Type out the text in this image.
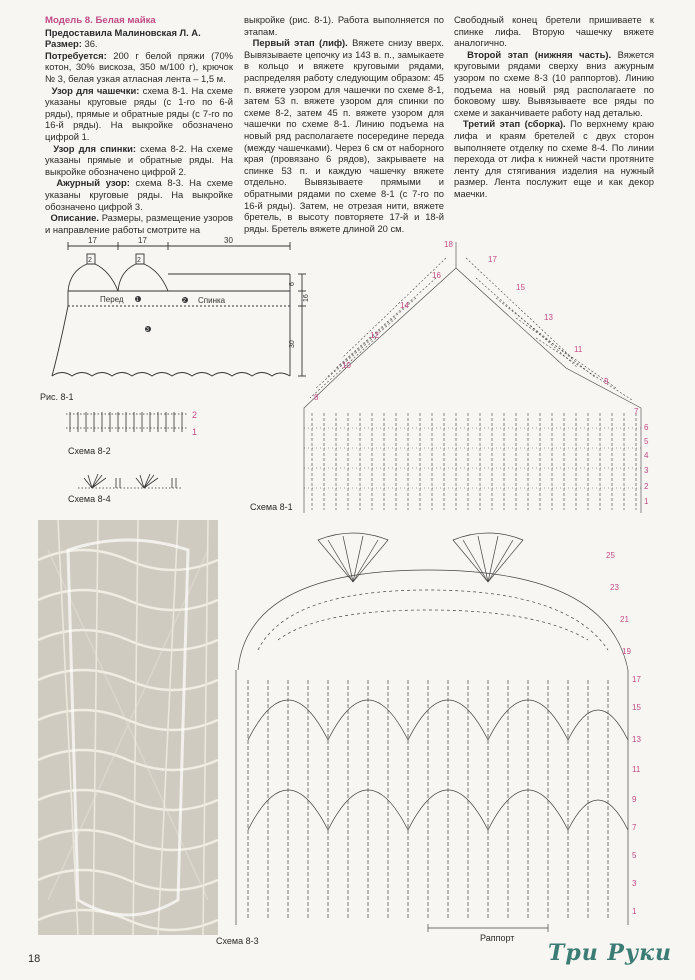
Модель 8. Белая майка

Предоставила Малиновская Л. А.

Размер: 36.

Потребуется: 200 г белой пряжи (70% котон, 30% вискоза, 350 м/100 г), крючок № 3, белая узкая атласная лента – 1,5 м.

Узор для чашечки: схема 8-1. На схеме указаны круговые ряды (с 1-го по 6-й ряды), прямые и обратные ряды (с 7-го по 16-й ряды). На выкройке обозначено цифрой 1.

Узор для спинки: схема 8-2. На схеме указаны прямые и обратные ряды. На выкройке обозначено цифрой 2.

Ажурный узор: схема 8-3. На схеме указаны круговые ряды. На выкройке обозначено цифрой 3.

Описание. Размеры, размещение узоров и направление работы смотрите на

выкройке (рис. 8-1). Работа выполняется по этапам.

Первый этап (лиф). Вяжете снизу вверх. Вывязываете цепочку из 143 в. п., замыкаете в кольцо и вяжете круговыми рядами, распределяя работу следующим образом: 45 п. вяжете узором для чашечки по схеме 8-1, затем 53 п. вяжете узором для спинки по схеме 8-2, затем 45 п. вяжете узором для чашечки по схеме 8-1. Линию подъема на новый ряд располагаете посередине переда (между чашечками). Через 6 см от наборного края (провязано 6 рядов), закрываете на спинке 53 п. и каждую чашечку вяжете отдельно. Вывязываете прямыми и обратными рядами по схеме 8-1 (с 7-го по 16-й ряды). Затем, не отрезая нити, вяжете бретель, в высоту повторяете 17-й и 18-й ряды. Бретель вяжете длиной 20 см.

Свободный конец бретели пришиваете к спинке лифа. Вторую чашечку вяжете аналогично.

Второй этап (нижняя часть). Вяжется круговыми рядами сверху вниз ажурным узором по схеме 8-3 (10 раппортов). Линию подъема на новый ряд располагаете по боковому шву. Вывязываете все ряды по схеме и заканчиваете работу над деталью.

Третий этап (сборка). По верхнему краю лифа и краям бретелей с двух сторон выполняете отделку по схеме 8-4. По линии перехода от лифа к нижней части протяните ленту для стягивания изделия на нужный размер. Лента послужит еще и как декор маечки.

17	17	30
2	2
6
16
30
Перед	Спинка
1	2
3
Рис. 8-1
2
1
Схема 8-2
Схема 8-4
18
16
14
12
10
8
17
15
13
11
9
7
6
5
4
3
2
1
Схема 8-1
25
23
21
19
17
15
13
11
9
7
5
3
1
Схема 8-3	Раппорт
18	Три Руки
